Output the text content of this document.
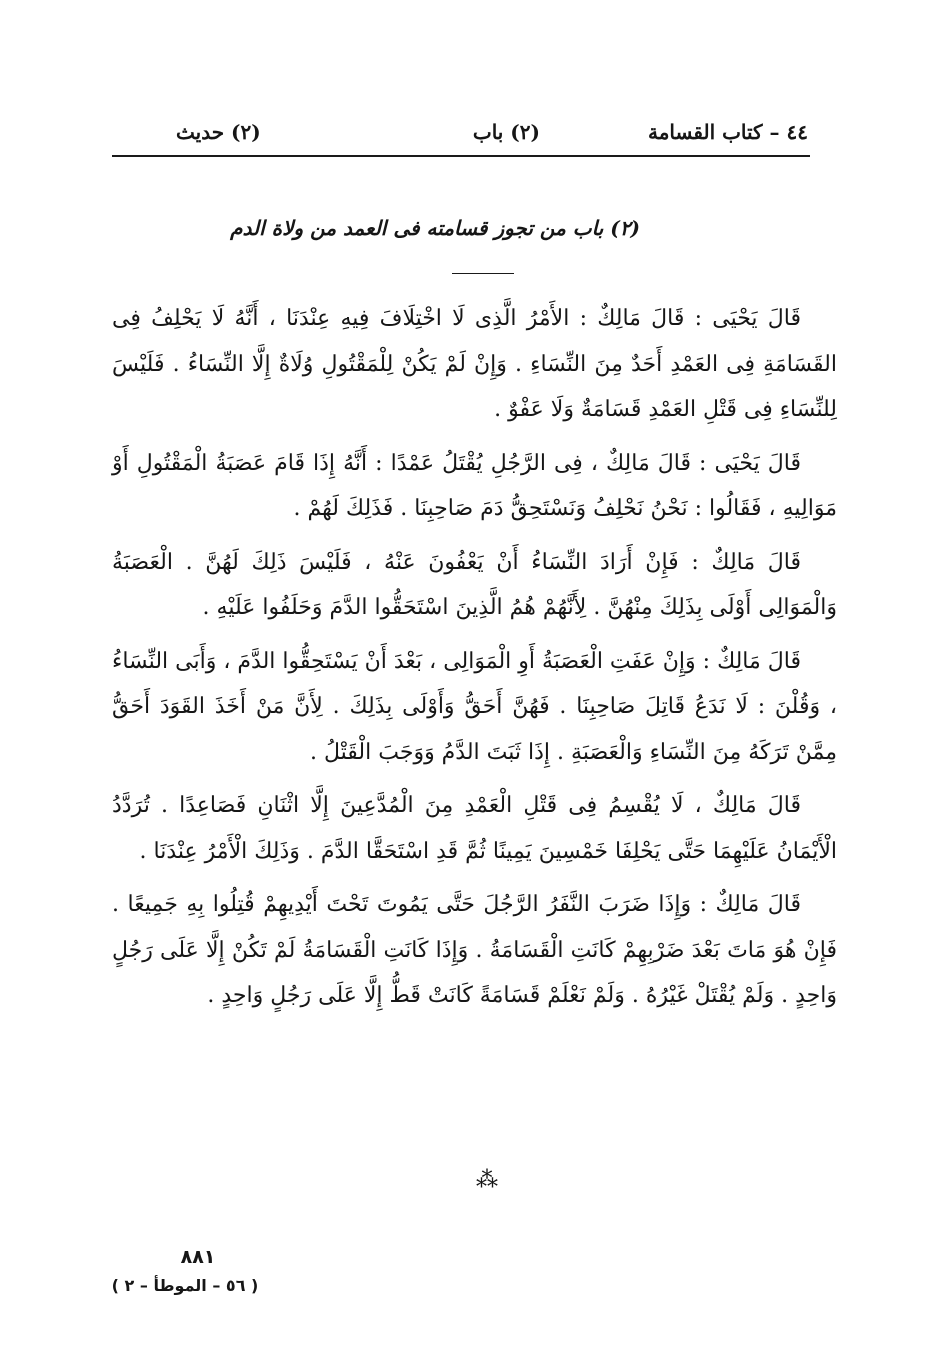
٤٤ – كتاب القسامة
(٢) باب
(٢) حديث
(٢) باب من تجوز قسامته فى العمد من ولاة الدم

قَالَ يَحْيَى : قَالَ مَالِكٌ : الأَمْرُ الَّذِى لَا اخْتِلَافَ فِيهِ عِنْدَنَا ، أَنَّهُ لَا يَحْلِفُ فِى القَسَامَةِ فِى العَمْدِ أَحَدٌ مِنَ النِّسَاءِ . وَإِنْ لَمْ يَكُنْ لِلْمَقْتُولِ وُلَاةٌ إِلَّا النِّسَاءُ . فَلَيْسَ لِلنِّسَاءِ فِى قَتْلِ العَمْدِ قَسَامَةٌ وَلَا عَفْوٌ .

قَالَ يَحْيَى : قَالَ مَالِكٌ ، فِى الرَّجُلِ يُقْتَلُ عَمْدًا : أَنَّهُ إِذَا قَامَ عَصَبَةُ الْمَقْتُولِ أَوْ مَوَالِيهِ ، فَقَالُوا : نَحْنُ نَحْلِفُ وَنَسْتَحِقُّ دَمَ صَاحِبِنَا . فَذَلِكَ لَهُمْ .

قَالَ مَالِكٌ : فَإِنْ أَرَادَ النِّسَاءُ أَنْ يَعْفُونَ عَنْهُ ، فَلَيْسَ ذَلِكَ لَهُنَّ . الْعَصَبَةُ وَالْمَوَالِى أَوْلَى بِذَلِكَ مِنْهُنَّ . لِأَنَّهُمْ هُمُ الَّذِينَ اسْتَحَقُّوا الدَّمَ وَحَلَفُوا عَلَيْهِ .

قَالَ مَالِكٌ : وَإِنْ عَفَتِ الْعَصَبَةُ أَوِ الْمَوَالِى ، بَعْدَ أَنْ يَسْتَحِقُّوا الدَّمَ ، وَأَبَى النِّسَاءُ ، وَقُلْنَ : لَا نَدَعُ قَاتِلَ صَاحِبِنَا . فَهُنَّ أَحَقُّ وَأَوْلَى بِذَلِكَ . لِأَنَّ مَنْ أَخَذَ القَوَدَ أَحَقُّ مِمَّنْ تَرَكَهُ مِنَ النِّسَاءِ وَالْعَصَبَةِ . إِذَا ثَبَتَ الدَّمُ وَوَجَبَ الْقَتْلُ .

قَالَ مَالِكٌ ، لَا يُقْسِمُ فِى قَتْلِ الْعَمْدِ مِنَ الْمُدَّعِينَ إِلَّا اثْنَانِ فَصَاعِدًا . تُرَدَّدُ الْأَيْمَانُ عَلَيْهِمَا حَتَّى يَحْلِفَا خَمْسِينَ يَمِينًا ثُمَّ قَدِ اسْتَحَقَّا الدَّمَ . وَذَلِكَ الْأَمْرُ عِنْدَنَا .

قَالَ مَالِكٌ : وَإِذَا ضَرَبَ النَّفَرُ الرَّجُلَ حَتَّى يَمُوتَ تَحْتَ أَيْدِيهِمْ قُتِلُوا بِهِ جَمِيعًا . فَإِنْ هُوَ مَاتَ بَعْدَ ضَرْبِهِمْ كَانَتِ الْقَسَامَةُ . وَإِذَا كَانَتِ الْقَسَامَةُ لَمْ تَكُنْ إِلَّا عَلَى رَجُلٍ وَاحِدٍ . وَلَمْ يُقْتَلْ غَيْرُهُ . وَلَمْ نَعْلَمْ قَسَامَةً كَانَتْ قَطُّ إِلَّا عَلَى رَجُلٍ وَاحِدٍ .

⁂
٨٨١
( ٥٦ – الموطأ – ٢ )
